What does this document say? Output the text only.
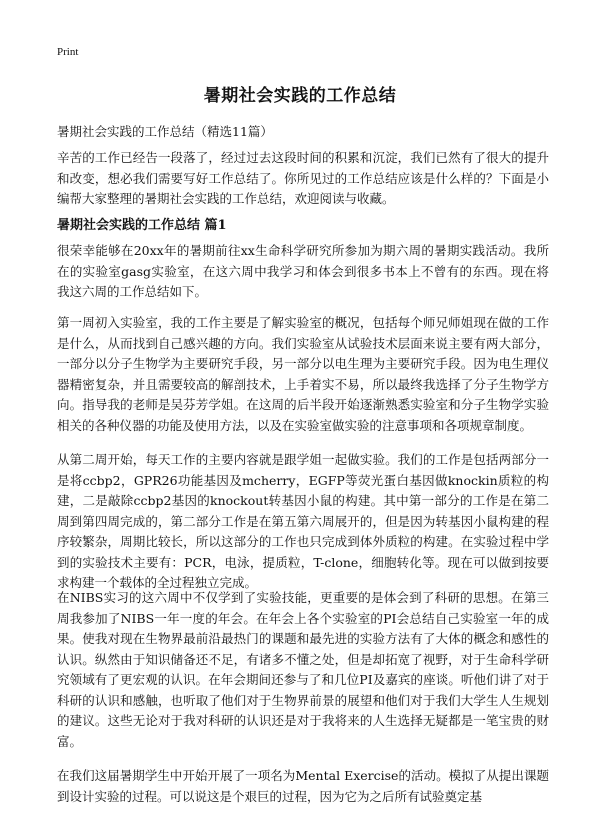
Print
暑期社会实践的工作总结
暑期社会实践的工作总结（精选11篇）

辛苦的工作已经告一段落了，经过过去这段时间的积累和沉淀，我们已然有了很大的提升和改变，想必我们需要写好工作总结了。你所见过的工作总结应该是什么样的？下面是小编帮大家整理的暑期社会实践的工作总结，欢迎阅读与收藏。

暑期社会实践的工作总结 篇1

很荣幸能够在20xx年的暑期前往xx生命科学研究所参加为期六周的暑期实践活动。我所在的实验室gasg实验室，在这六周中我学习和体会到很多书本上不曾有的东西。现在将我这六周的工作总结如下。

第一周初入实验室，我的工作主要是了解实验室的概况，包括每个师兄师姐现在做的工作是什么，从而找到自己感兴趣的方向。我们实验室从试验技术层面来说主要有两大部分，一部分以分子生物学为主要研究手段，另一部分以电生理为主要研究手段。因为电生理仪器精密复杂，并且需要较高的解剖技术，上手着实不易，所以最终我选择了分子生物学方向。指导我的老师是吴芬芳学姐。在这周的后半段开始逐渐熟悉实验室和分子生物学实验相关的各种仪器的功能及使用方法，以及在实验室做实验的注意事项和各项规章制度。

从第二周开始，每天工作的主要内容就是跟学姐一起做实验。我们的工作是包括两部分一是将ccbp2，GPR26功能基因及mcherry，EGFP等荧光蛋白基因做knockin质粒的构建，二是敲除ccbp2基因的knockout转基因小鼠的构建。其中第一部分的工作是在第二周到第四周完成的，第二部分工作是在第五第六周展开的，但是因为转基因小鼠构建的程序较繁杂，周期比较长，所以这部分的工作也只完成到体外质粒的构建。在实验过程中学到的实验技术主要有：PCR，电泳，提质粒，T-clone，细胞转化等。现在可以做到按要求构建一个载体的全过程独立完成。

在NIBS实习的这六周中不仅学到了实验技能，更重要的是体会到了科研的思想。在第三周我参加了NIBS一年一度的年会。在年会上各个实验室的PI会总结自己实验室一年的成果。使我对现在生物界最前沿最热门的课题和最先进的实验方法有了大体的概念和感性的认识。纵然由于知识储备还不足，有诸多不懂之处，但是却拓宽了视野，对于生命科学研究领域有了更宏观的认识。在年会期间还参与了和几位PI及嘉宾的座谈。听他们讲了对于科研的认识和感触，也听取了他们对于生物界前景的展望和他们对于我们大学生人生规划的建议。这些无论对于我对科研的认识还是对于我将来的人生选择无疑都是一笔宝贵的财富。

在我们这届暑期学生中开始开展了一项名为Mental Exercise的活动。模拟了从提出课题到设计实验的过程。可以说这是个艰巨的过程，因为它为之后所有试验奠定基
